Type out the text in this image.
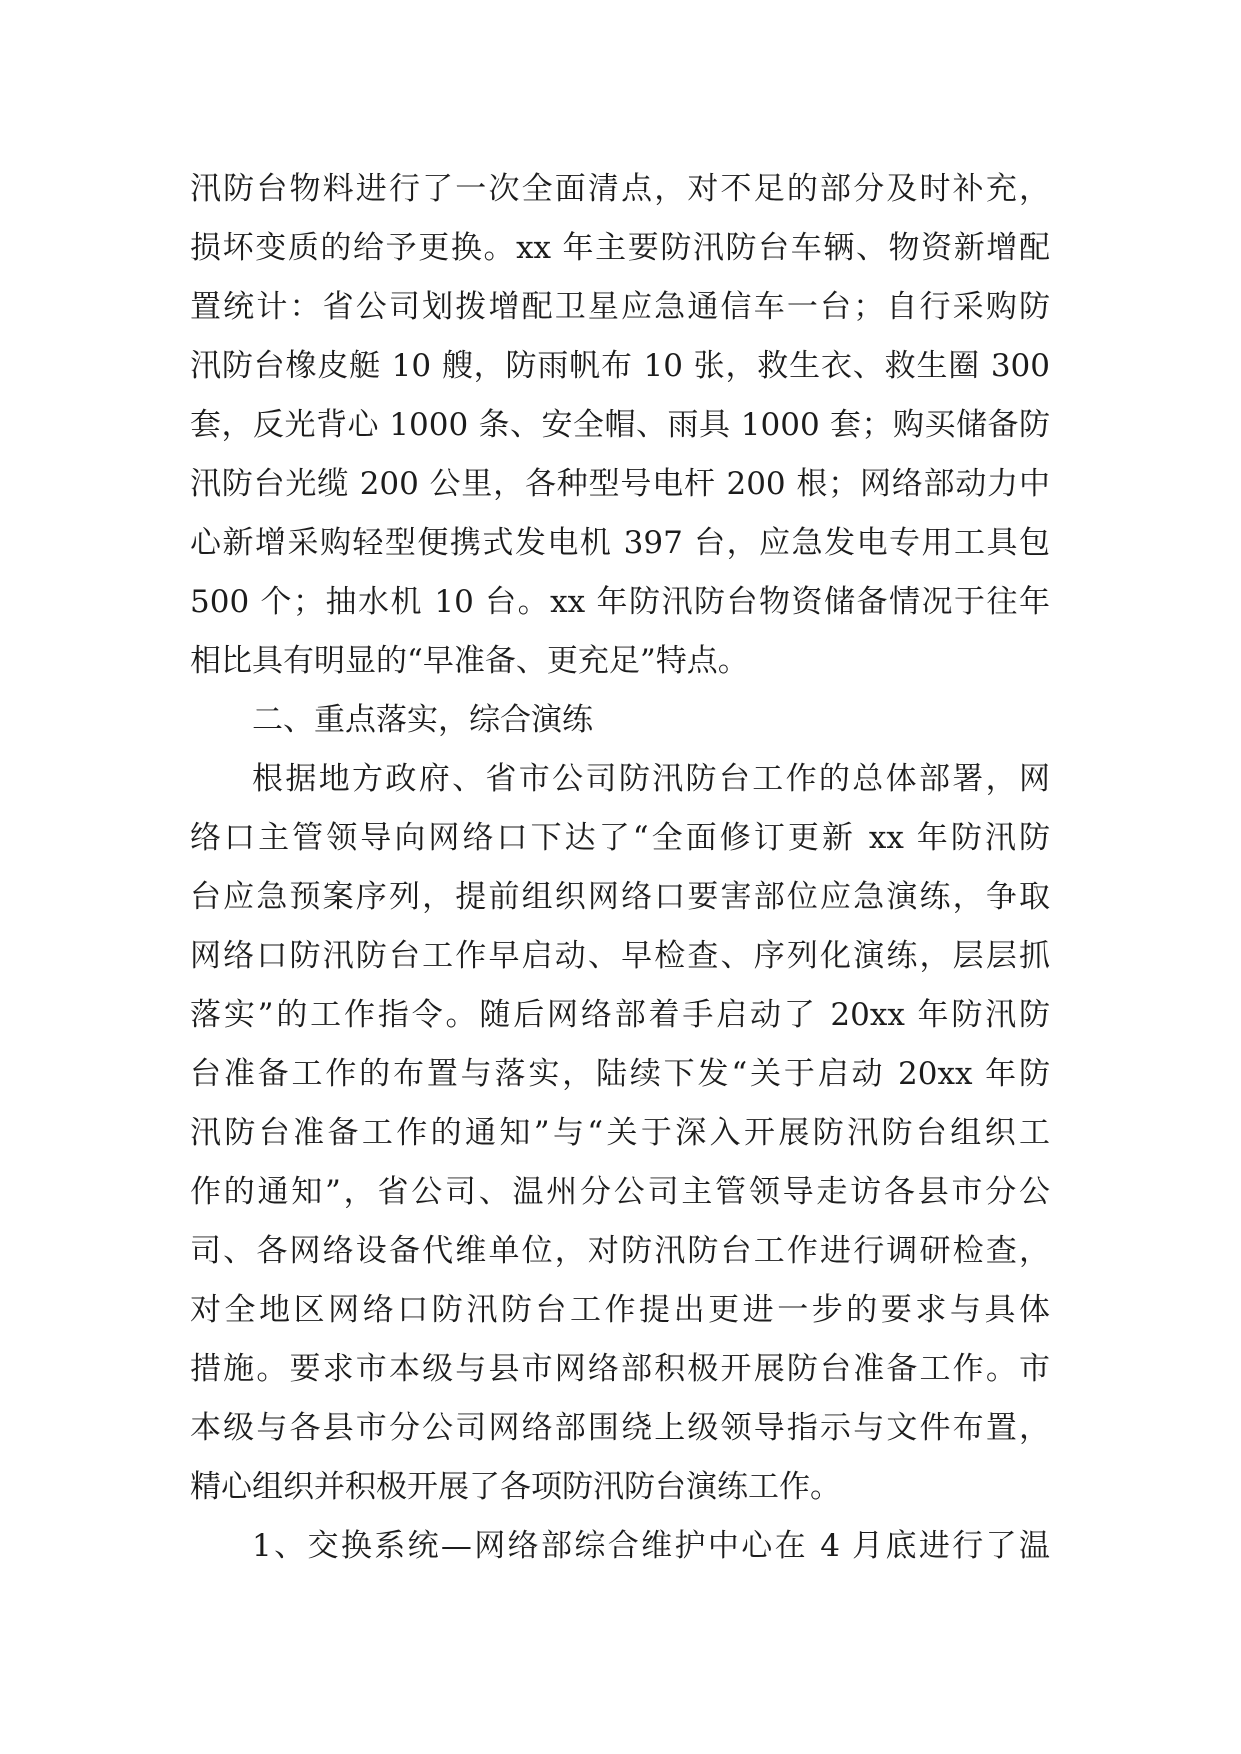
汛防台物料进行了一次全面清点，对不足的部分及时补充，
损坏变质的给予更换。xx 年主要防汛防台车辆、物资新增配
置统计：省公司划拨增配卫星应急通信车一台；自行采购防
汛防台橡皮艇 10 艘，防雨帆布 10 张，救生衣、救生圈 300
套，反光背心 1000 条、安全帽、雨具 1000 套；购买储备防
汛防台光缆 200 公里，各种型号电杆 200 根；网络部动力中
心新增采购轻型便携式发电机 397 台，应急发电专用工具包
500 个；抽水机 10 台。xx 年防汛防台物资储备情况于往年
相比具有明显的“早准备、更充足”特点。
二、重点落实，综合演练
根据地方政府、省市公司防汛防台工作的总体部署，网
络口主管领导向网络口下达了“全面修订更新 xx 年防汛防
台应急预案序列，提前组织网络口要害部位应急演练，争取
网络口防汛防台工作早启动、早检查、序列化演练，层层抓
落实”的工作指令。随后网络部着手启动了 20xx 年防汛防
台准备工作的布置与落实，陆续下发“关于启动 20xx 年防
汛防台准备工作的通知”与“关于深入开展防汛防台组织工
作的通知”，省公司、温州分公司主管领导走访各县市分公
司、各网络设备代维单位，对防汛防台工作进行调研检查，
对全地区网络口防汛防台工作提出更进一步的要求与具体
措施。要求市本级与县市网络部积极开展防台准备工作。市
本级与各县市分公司网络部围绕上级领导指示与文件布置，
精心组织并积极开展了各项防汛防台演练工作。
1、交换系统—网络部综合维护中心在 4 月底进行了温
